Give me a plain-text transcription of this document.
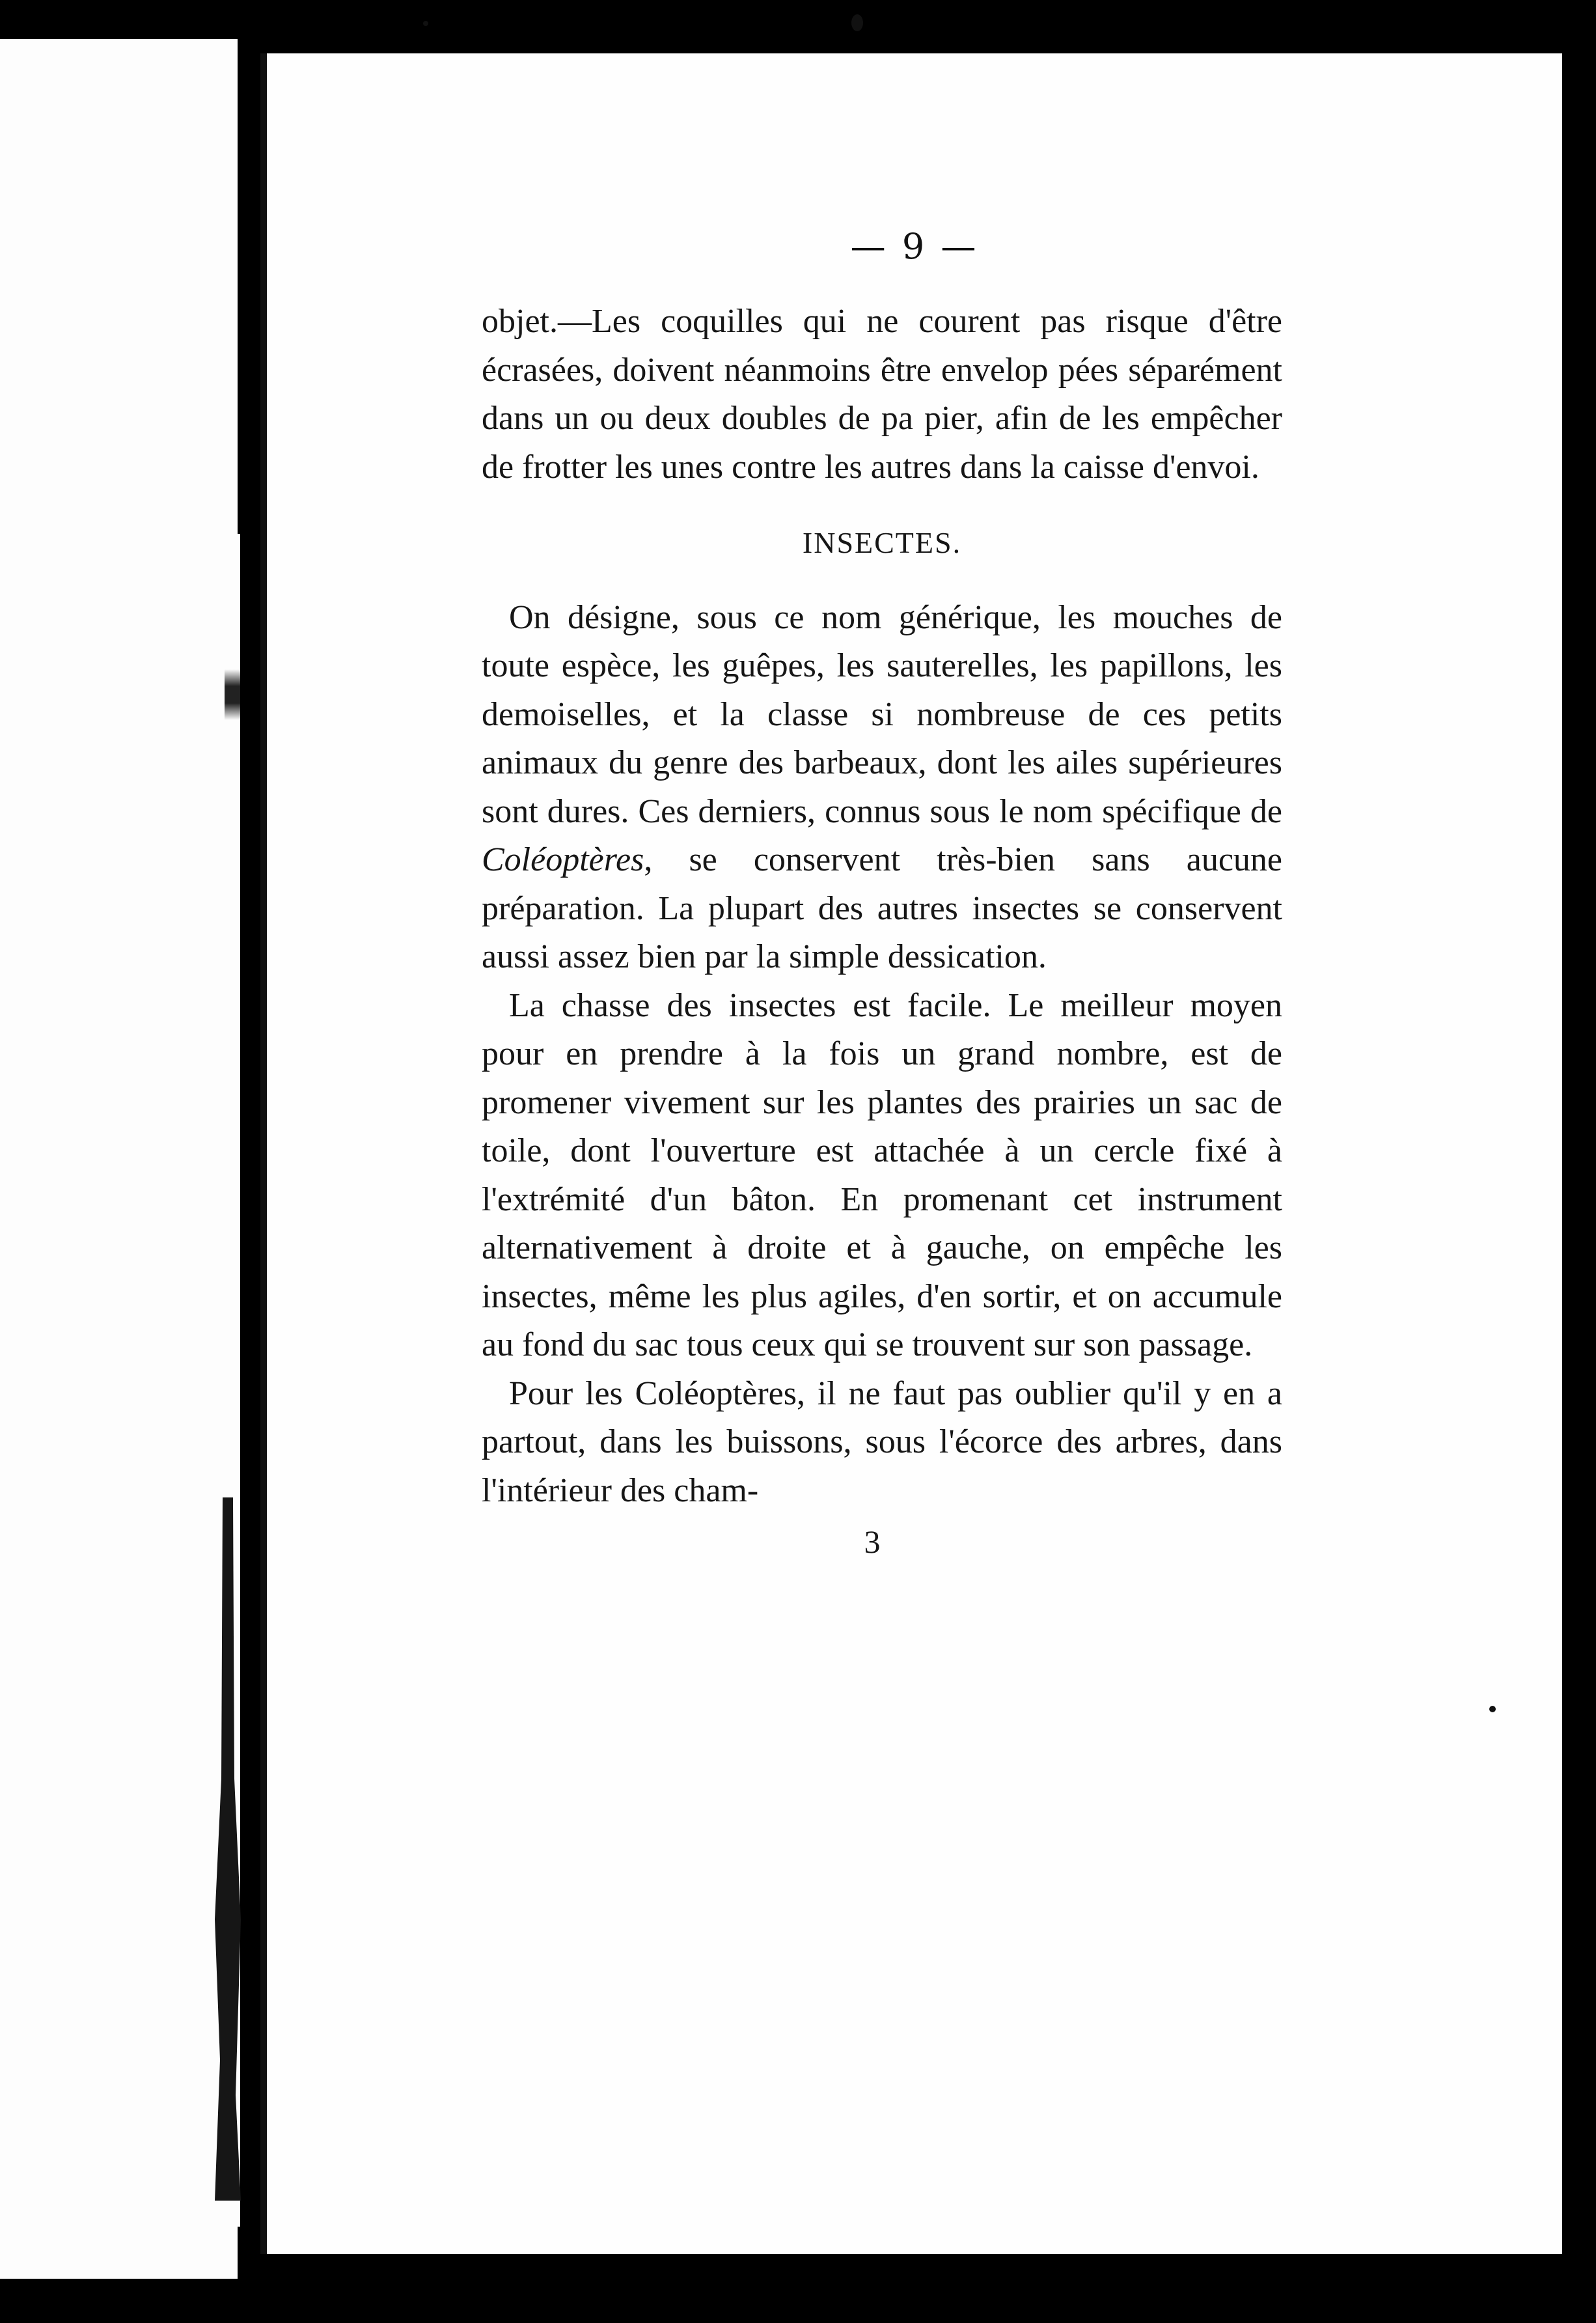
— 9 —

objet.—Les coquilles qui ne courent pas risque d'être écrasées, doivent néanmoins être envelop pées séparément dans un ou deux doubles de pa pier, afin de les empêcher de frotter les unes contre les autres dans la caisse d'envoi.

INSECTES.

On désigne, sous ce nom générique, les mouches de toute espèce, les guêpes, les sauterelles, les papillons, les demoiselles, et la classe si nombreuse de ces petits animaux du genre des barbeaux, dont les ailes supérieures sont dures. Ces derniers, connus sous le nom spécifique de Coléoptères, se conservent très-bien sans aucune préparation. La plupart des autres insectes se conservent aussi assez bien par la simple dessication.

La chasse des insectes est facile. Le meilleur moyen pour en prendre à la fois un grand nombre, est de promener vivement sur les plantes des prairies un sac de toile, dont l'ouverture est attachée à un cercle fixé à l'extrémité d'un bâton. En promenant cet instrument alternativement à droite et à gauche, on empêche les insectes, même les plus agiles, d'en sortir, et on accumule au fond du sac tous ceux qui se trouvent sur son passage.

Pour les Coléoptères, il ne faut pas oublier qu'il y en a partout, dans les buissons, sous l'écorce des arbres, dans l'intérieur des cham-

3
